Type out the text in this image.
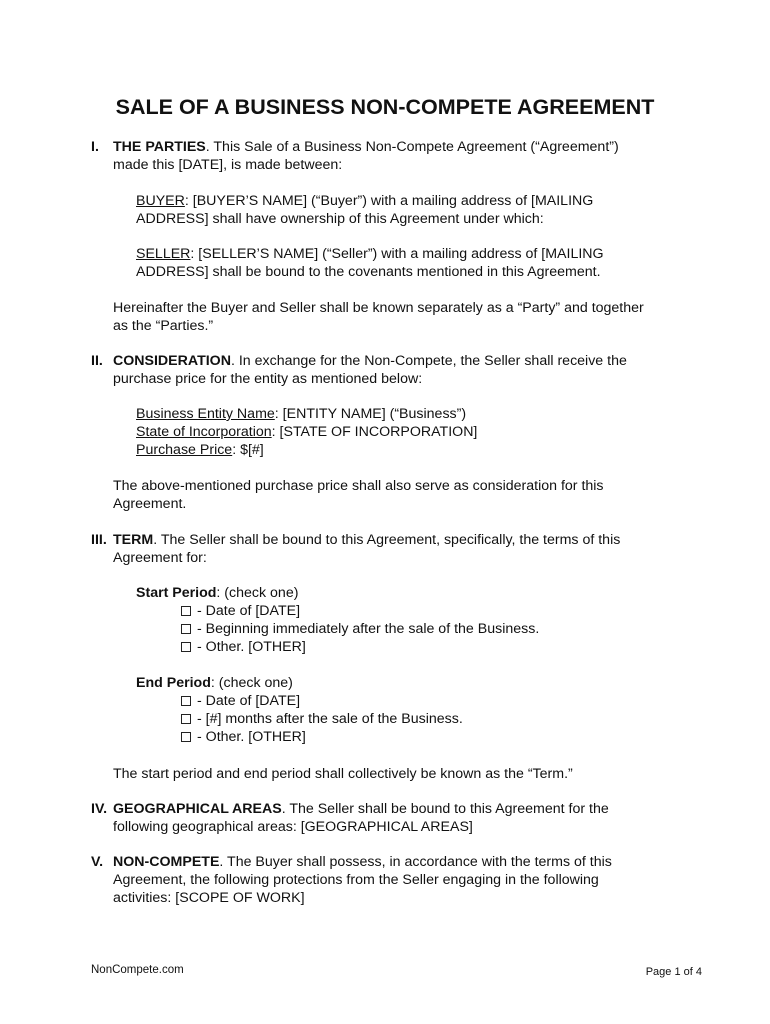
SALE OF A BUSINESS NON-COMPETE AGREEMENT
I. THE PARTIES. This Sale of a Business Non-Compete Agreement (“Agreement”)
made this [DATE], is made between:
BUYER: [BUYER’S NAME] (“Buyer”) with a mailing address of [MAILING
ADDRESS] shall have ownership of this Agreement under which:
SELLER: [SELLER’S NAME] (“Seller”) with a mailing address of [MAILING
ADDRESS] shall be bound to the covenants mentioned in this Agreement.
Hereinafter the Buyer and Seller shall be known separately as a “Party” and together
as the “Parties.”
II. CONSIDERATION. In exchange for the Non-Compete, the Seller shall receive the
purchase price for the entity as mentioned below:
Business Entity Name: [ENTITY NAME] (“Business”)
State of Incorporation: [STATE OF INCORPORATION]
Purchase Price: $[#]
The above-mentioned purchase price shall also serve as consideration for this
Agreement.
III. TERM. The Seller shall be bound to this Agreement, specifically, the terms of this
Agreement for:
Start Period: (check one)
- Date of [DATE]
- Beginning immediately after the sale of the Business.
- Other. [OTHER]
End Period: (check one)
- Date of [DATE]
- [#] months after the sale of the Business.
- Other. [OTHER]
The start period and end period shall collectively be known as the “Term.”
IV. GEOGRAPHICAL AREAS. The Seller shall be bound to this Agreement for the
following geographical areas: [GEOGRAPHICAL AREAS]
V. NON-COMPETE. The Buyer shall possess, in accordance with the terms of this
Agreement, the following protections from the Seller engaging in the following
activities: [SCOPE OF WORK]
NonCompete.com	Page 1 of 4
